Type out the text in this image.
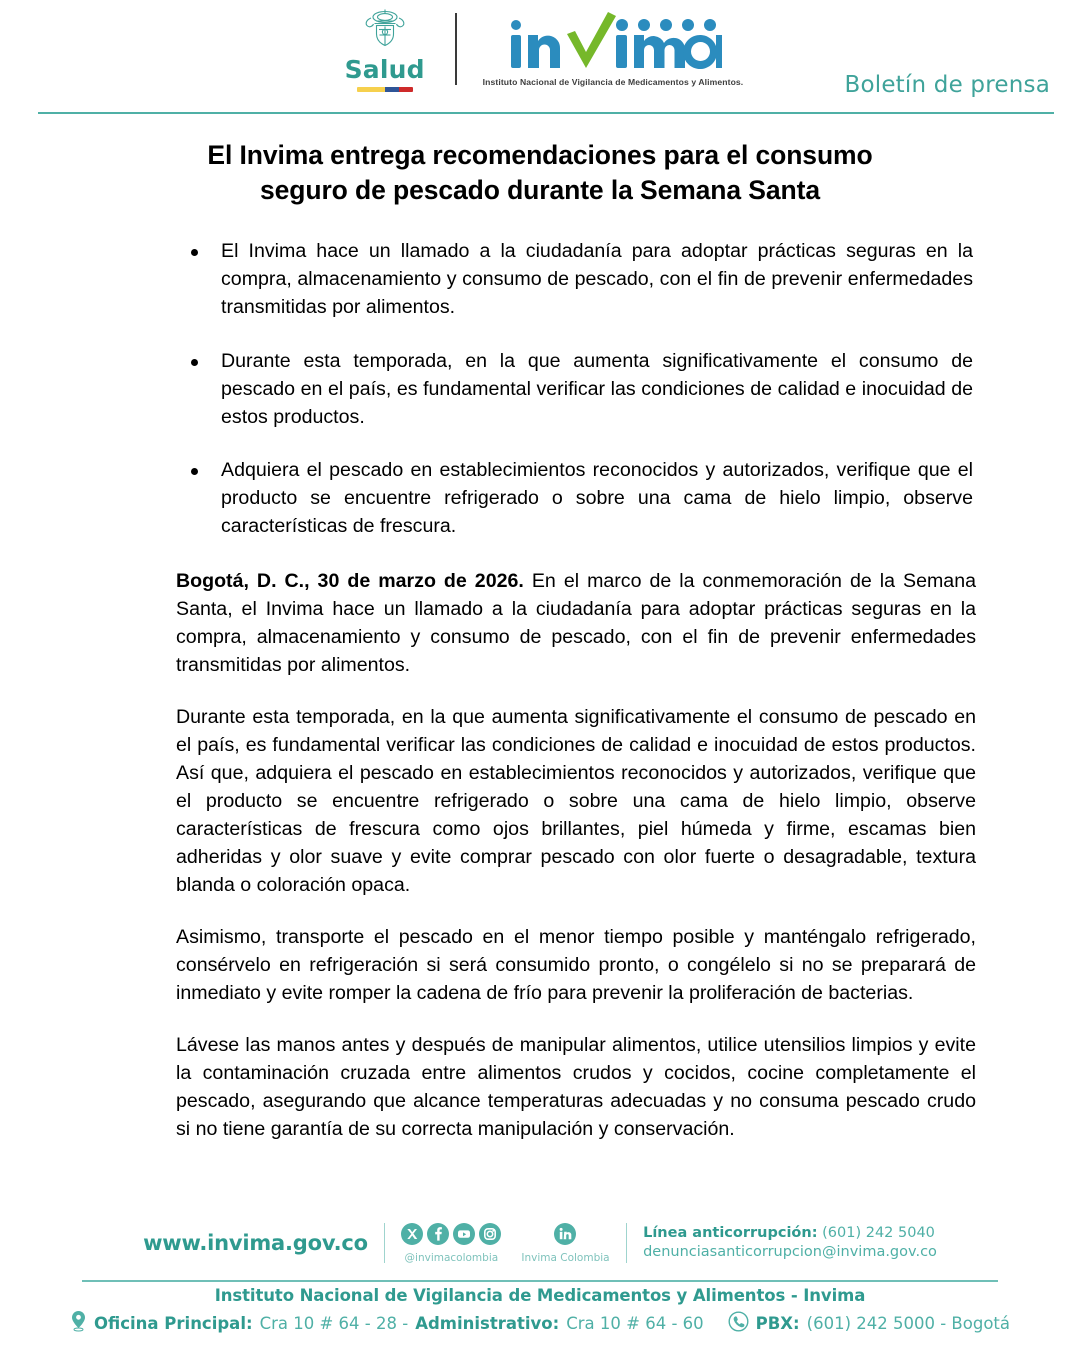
Salud	Instituto Nacional de Vigilancia de Medicamentos y Alimentos.	Boletín de prensa
El Invima entrega recomendaciones para el consumo seguro de pescado durante la Semana Santa
El Invima hace un llamado a la ciudadanía para adoptar prácticas seguras en la compra, almacenamiento y consumo de pescado, con el fin de prevenir enfermedades transmitidas por alimentos.
Durante esta temporada, en la que aumenta significativamente el consumo de pescado en el país, es fundamental verificar las condiciones de calidad e inocuidad de estos productos.
Adquiera el pescado en establecimientos reconocidos y autorizados, verifique que el producto se encuentre refrigerado o sobre una cama de hielo limpio, observe características de frescura.

Bogotá, D. C., 30 de marzo de 2026. En el marco de la conmemoración de la Semana Santa, el Invima hace un llamado a la ciudadanía para adoptar prácticas seguras en la compra, almacenamiento y consumo de pescado, con el fin de prevenir enfermedades transmitidas por alimentos.

Durante esta temporada, en la que aumenta significativamente el consumo de pescado en el país, es fundamental verificar las condiciones de calidad e inocuidad de estos productos. Así que, adquiera el pescado en establecimientos reconocidos y autorizados, verifique que el producto se encuentre refrigerado o sobre una cama de hielo limpio, observe características de frescura como ojos brillantes, piel húmeda y firme, escamas bien adheridas y olor suave y evite comprar pescado con olor fuerte o desagradable, textura blanda o coloración opaca.

Asimismo, transporte el pescado en el menor tiempo posible y manténgalo refrigerado, consérvelo en refrigeración si será consumido pronto, o congélelo si no se preparará de inmediato y evite romper la cadena de frío para prevenir la proliferación de bacterias.

Lávese las manos antes y después de manipular alimentos, utilice utensilios limpios y evite la contaminación cruzada entre alimentos crudos y cocidos, cocine completamente el pescado, asegurando que alcance temperaturas adecuadas y no consuma pescado crudo si no tiene garantía de su correcta manipulación y conservación.

www.invima.gov.co
@invimacolombia Invima Colombia
Línea anticorrupción: (601) 242 5040
denunciasanticorrupcion@invima.gov.co
Instituto Nacional de Vigilancia de Medicamentos y Alimentos - Invima
Oficina Principal: Cra 10 # 64 - 28 - Administrativo: Cra 10 # 64 - 60	PBX: (601) 242 5000 - Bogotá
